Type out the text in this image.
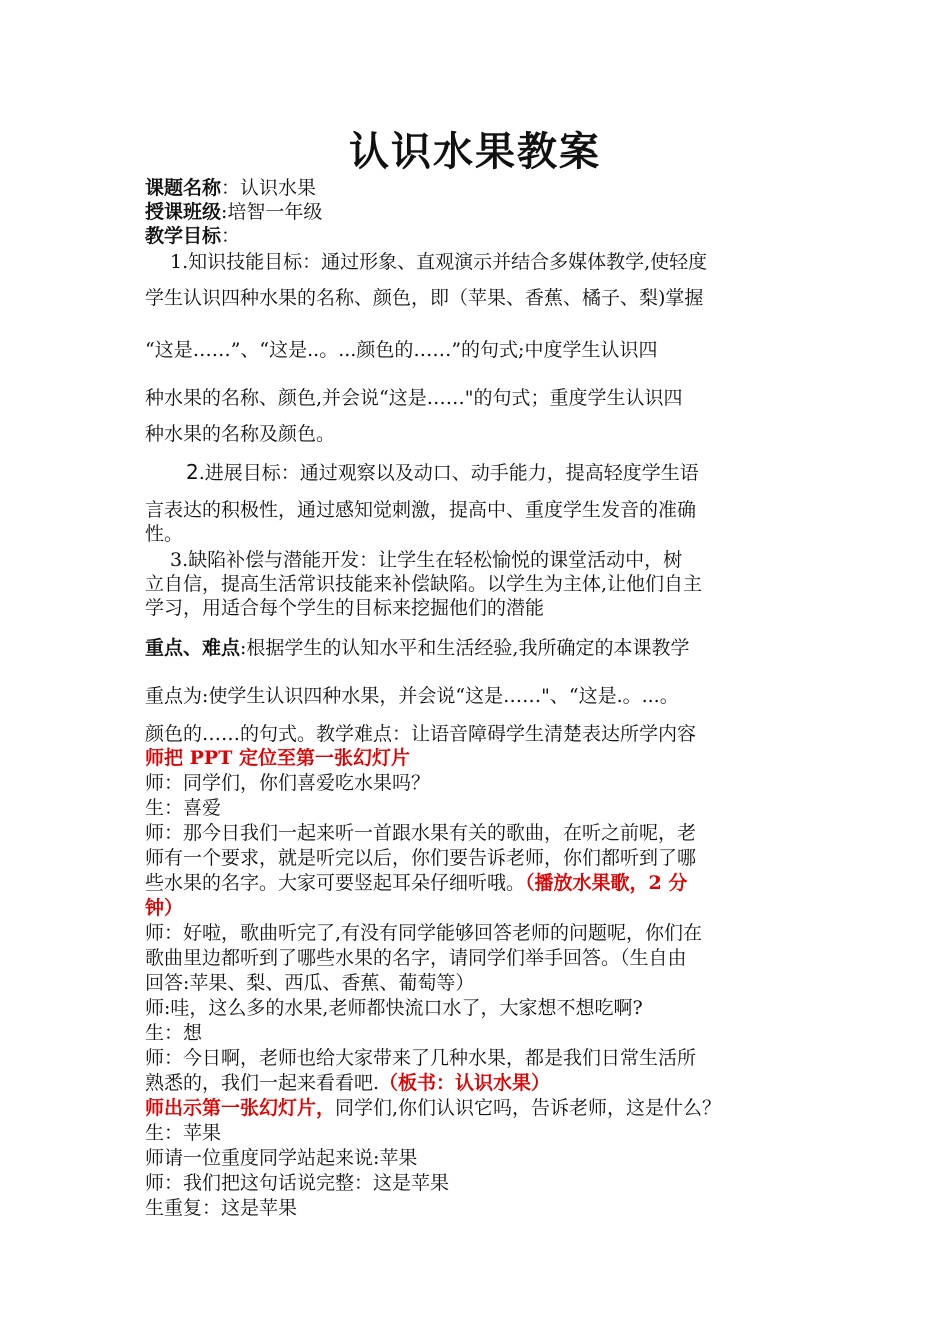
认识水果教案
课题名称：认识水果
授课班级:培智一年级
教学目标：
1.知识技能目标：通过形象、直观演示并结合多媒体教学,使轻度
学生认识四种水果的名称、颜色，即（苹果、香蕉、橘子、梨)掌握
“这是……”、“这是..。...颜色的……”的句式;中度学生认识四
种水果的名称、颜色,并会说“这是……"的句式；重度学生认识四
种水果的名称及颜色。
2.进展目标：通过观察以及动口、动手能力，提高轻度学生语
言表达的积极性，通过感知觉刺激，提高中、重度学生发音的准确
性。
3.缺陷补偿与潜能开发：让学生在轻松愉悦的课堂活动中，树
立自信，提高生活常识技能来补偿缺陷。以学生为主体,让他们自主
学习，用适合每个学生的目标来挖掘他们的潜能
重点、难点:根据学生的认知水平和生活经验,我所确定的本课教学
重点为:使学生认识四种水果，并会说“这是……"、“这是.。...。
颜色的……的句式。教学难点：让语音障碍学生清楚表达所学内容
师把 PPT 定位至第一张幻灯片
师：同学们，你们喜爱吃水果吗？
生：喜爱
师：那今日我们一起来听一首跟水果有关的歌曲，在听之前呢，老
师有一个要求，就是听完以后，你们要告诉老师，你们都听到了哪
些水果的名字。大家可要竖起耳朵仔细听哦。（播放水果歌，2 分
钟）
师：好啦，歌曲听完了,有没有同学能够回答老师的问题呢，你们在
歌曲里边都听到了哪些水果的名字，请同学们举手回答。（生自由
回答:苹果、梨、西瓜、香蕉、葡萄等）
师:哇，这么多的水果,老师都快流口水了，大家想不想吃啊?
生：想
师：今日啊，老师也给大家带来了几种水果，都是我们日常生活所
熟悉的，我们一起来看看吧.（板书：认识水果）
师出示第一张幻灯片，同学们,你们认识它吗，告诉老师，这是什么？
生：苹果
师请一位重度同学站起来说:苹果
师：我们把这句话说完整：这是苹果
生重复：这是苹果
